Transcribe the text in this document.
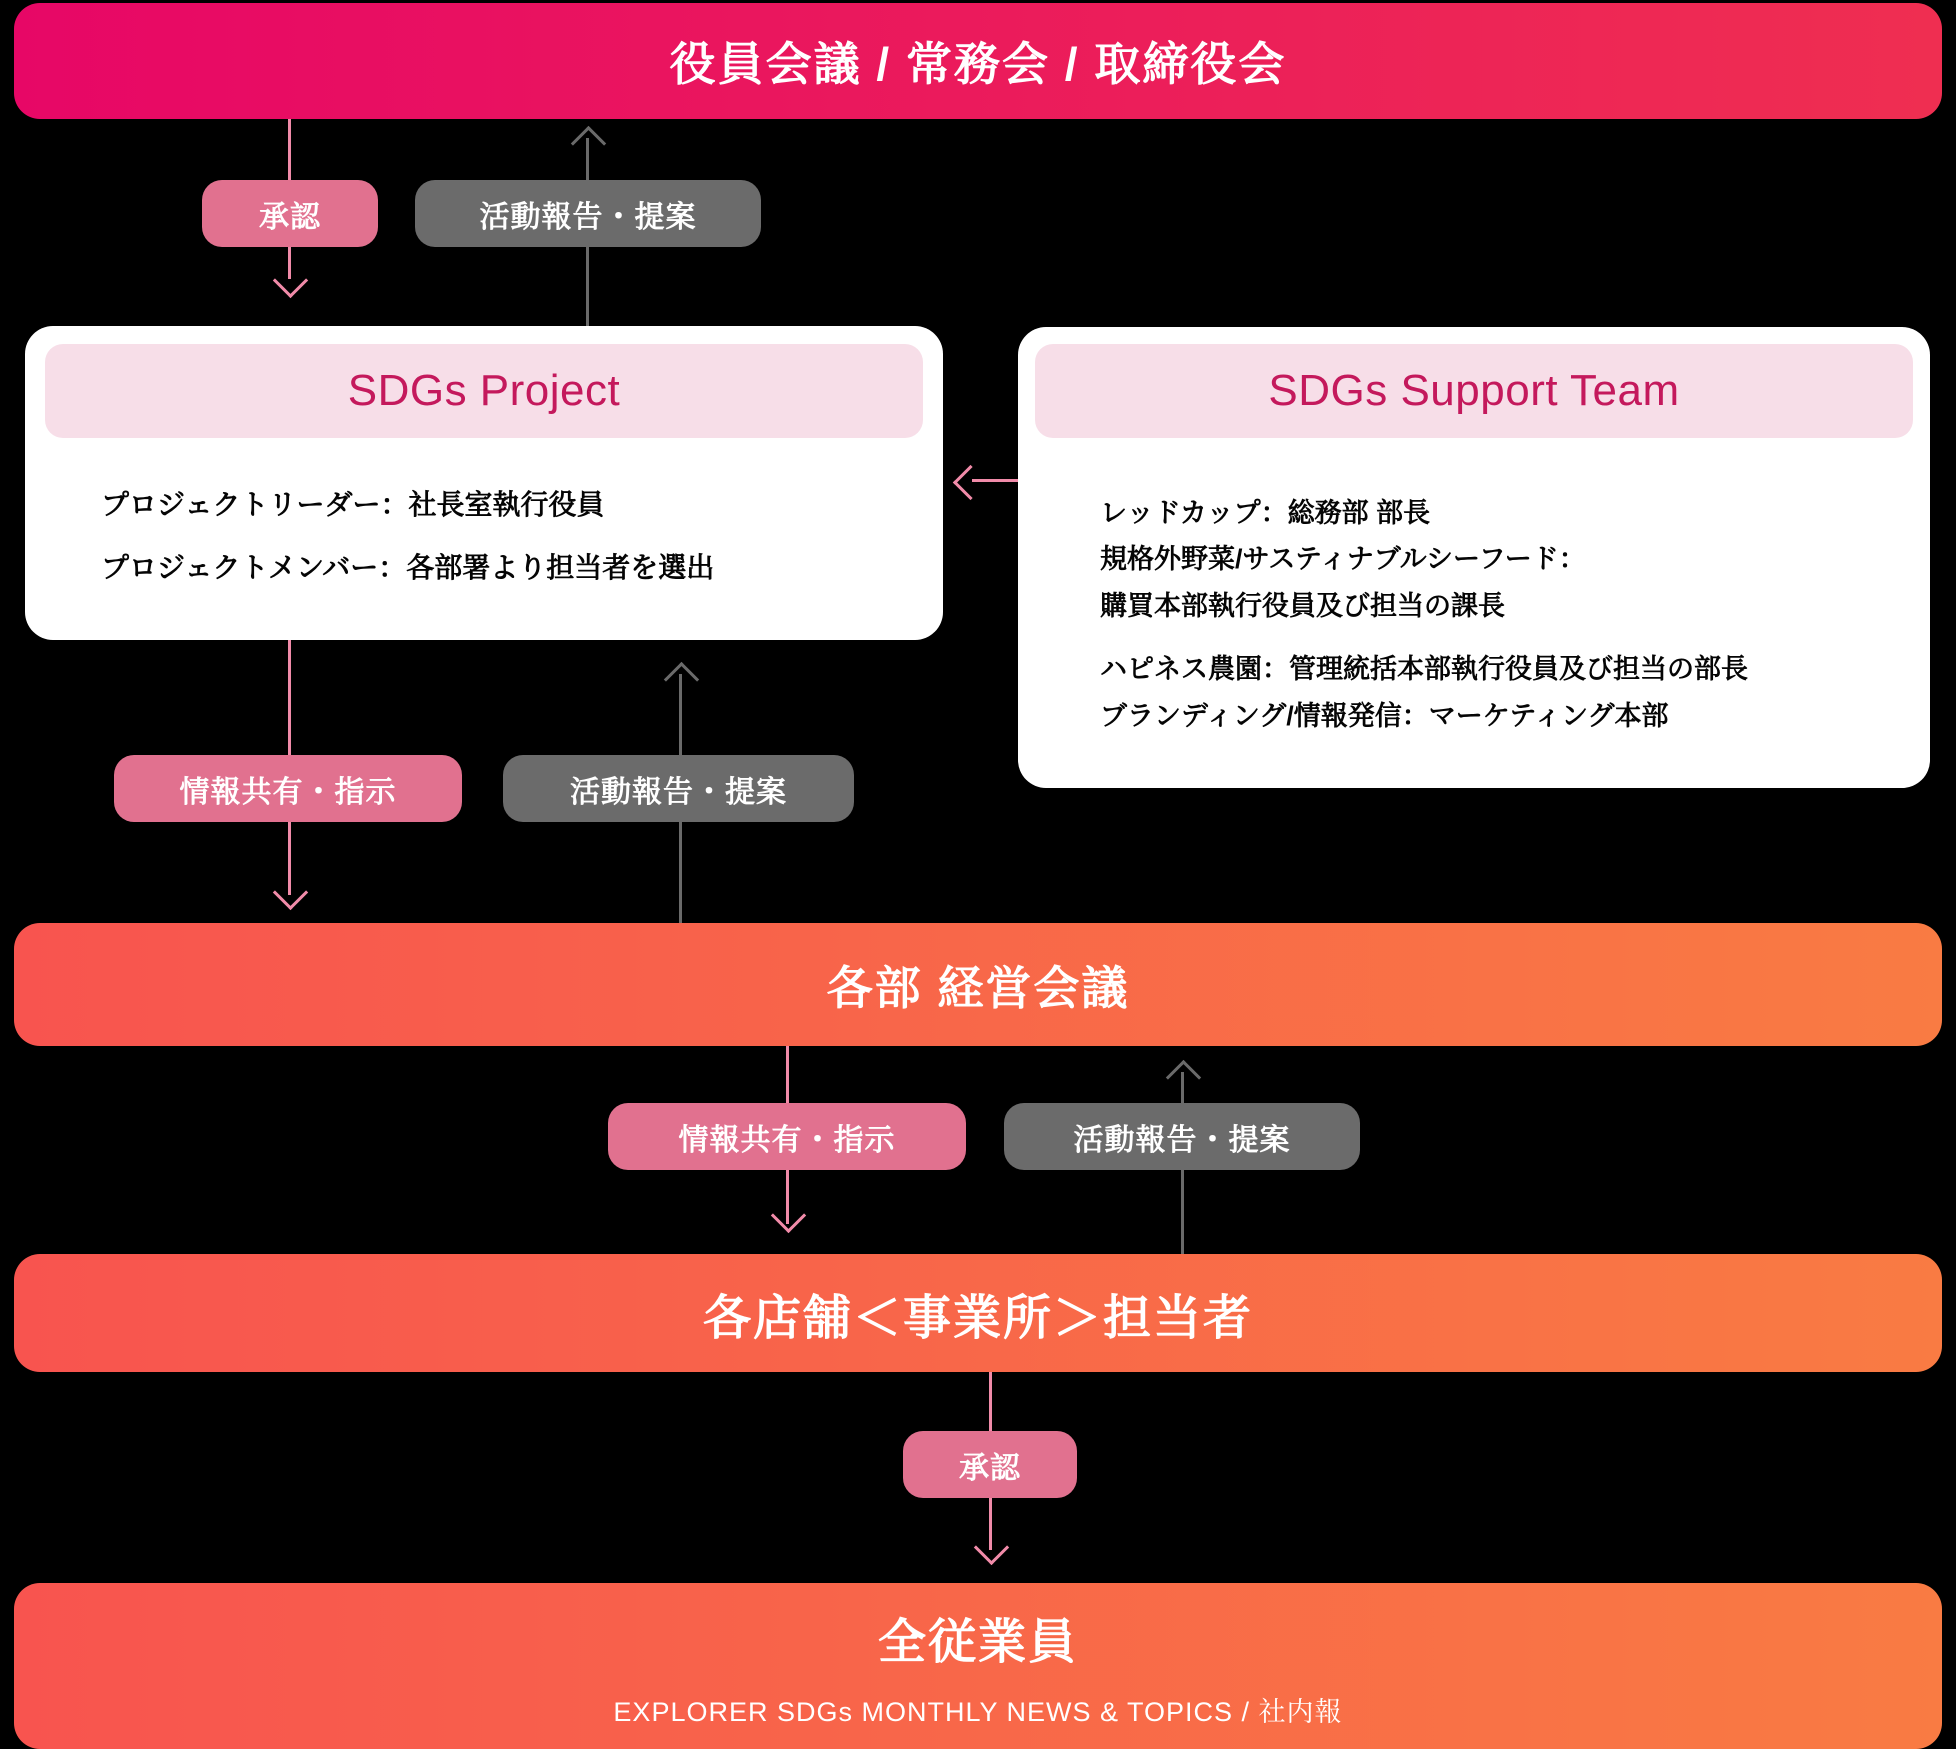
役員会議 / 常務会 / 取締役会
承認	活動報告・提案
SDGs Project

プロジェクトリーダー：社長室執行役員

プロジェクトメンバー：各部署より担当者を選出

SDGs Support Team

レッドカップ：総務部 部長

規格外野菜/サスティナブルシーフード：

購買本部執行役員及び担当の課長

ハピネス農園：管理統括本部執行役員及び担当の部長

ブランディング/情報発信：マーケティング本部

情報共有・指示	活動報告・提案
各部 経営会議
情報共有・指示	活動報告・提案
各店舗＜事業所＞担当者
承認
全従業員
EXPLORER SDGs MONTHLY NEWS & TOPICS / 社内報
